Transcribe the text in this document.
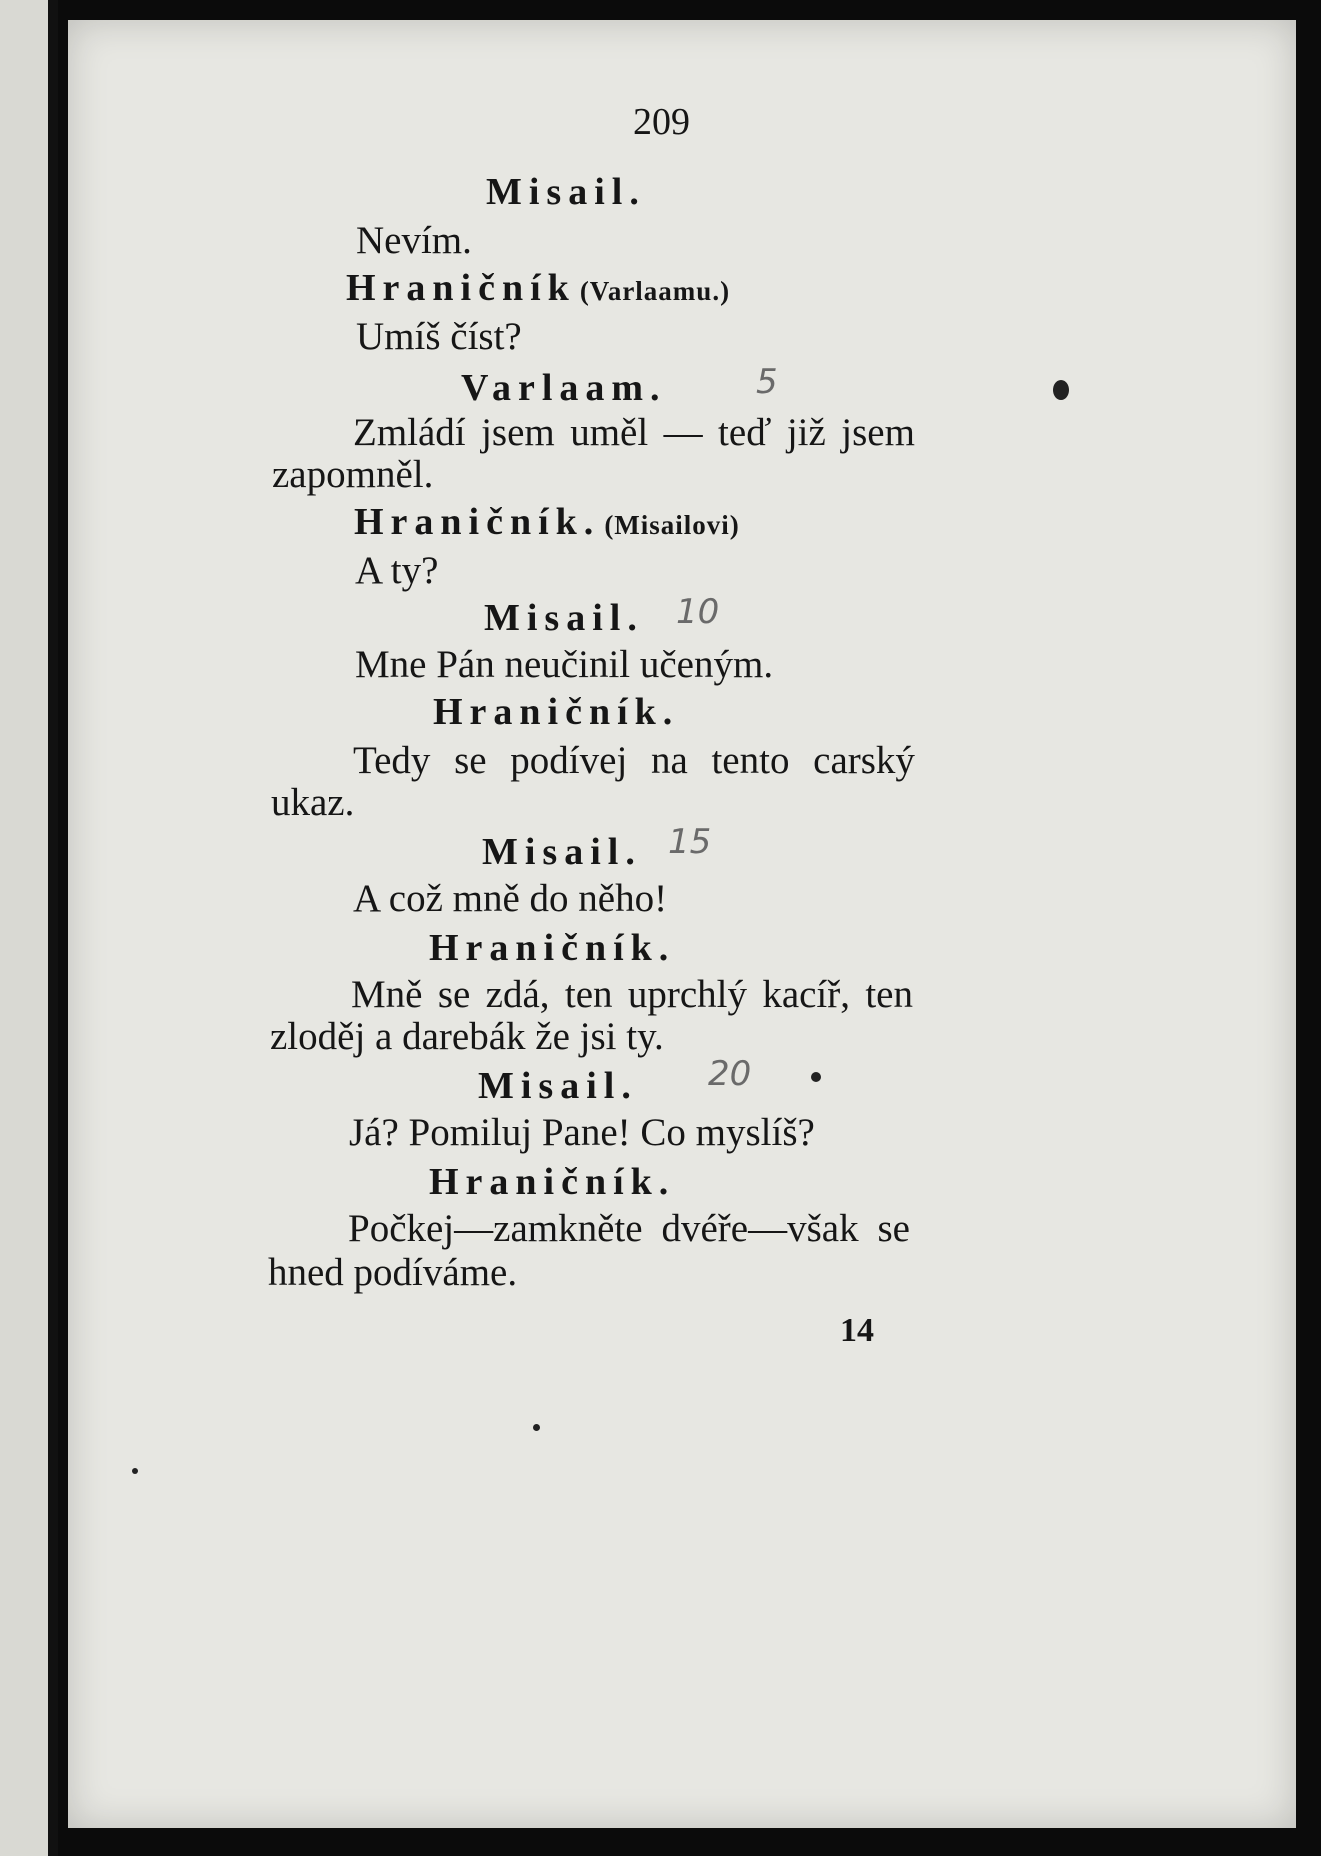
209
Misail.
Nevím.
Hraničník (Varlaamu.)
Umíš číst?
Varlaam.	5
Zmládí jsem uměl — teď již jsem
zapomněl.
Hraničník. (Misailovi)
A ty?
Misail. 10
Mne Pán neučinil učeným.
Hraničník.
Tedy se podívej na tento carský
ukaz.
Misail. 15
A což mně do něho!
Hraničník.
Mně se zdá, ten uprchlý kacíř, ten
zloděj a darebák že jsi ty.
Misail. 20
Já? Pomiluj Pane! Co myslíš?
Hraničník.
Počkej—zamkněte dvéře—však se
hned podíváme.
14
